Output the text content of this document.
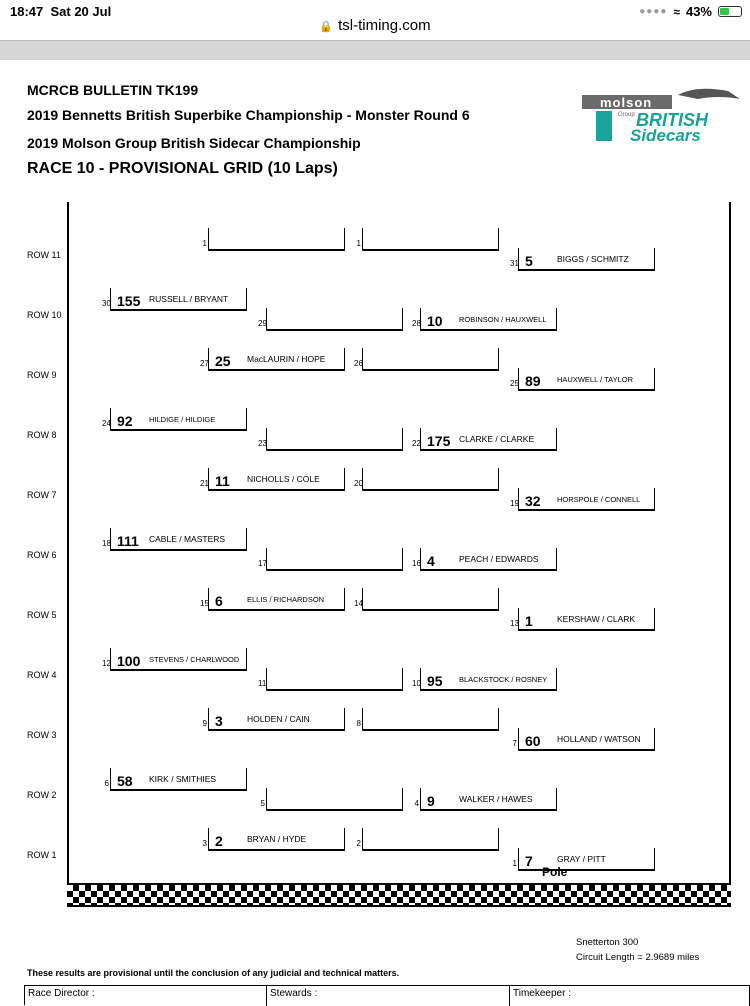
18:47 Sat 20 Jul
🔒 tsl-timing.com
●●●● ≈ 43%
MCRCB BULLETIN TK199
2019 Bennetts British Superbike Championship - Monster Round 6
2019 Molson Group British Sidecar Championship
RACE 10 - PROVISIONAL GRID (10 Laps)
molson
Group BRITISH
Sidecars
ROW 11
1	1
31 5	BIGGS / SCHMITZ
ROW 10
30 155 RUSSELL / BRYANT
29	28 10 ROBINSON / HAUXWELL
ROW 9
27 25 MacLAURIN / HOPE	26
25 89 HAUXWELL / TAYLOR
ROW 8
24 92 HILDIGE / HILDIGE
23	22 175 CLARKE / CLARKE
ROW 7
21 11 NICHOLLS / COLE	20
19 32 HORSPOLE / CONNELL
ROW 6
18 111 CABLE / MASTERS
17	16 4	PEACH / EDWARDS
ROW 5
15 6	ELLIS / RICHARDSON	14
13 1	KERSHAW / CLARK
ROW 4
12 100 STEVENS / CHARLWOOD
11	10 95 BLACKSTOCK / ROSNEY
ROW 3
9 3	HOLDEN / CAIN	8
7 60 HOLLAND / WATSON
ROW 2
6 58 KIRK / SMITHIES
5	4 9	WALKER / HAWES
ROW 1
3 2	BRYAN / HYDE	2
1 7	GRAY / PITT
Pole
Snetterton 300
Circuit Length = 2.9689 miles
These results are provisional until the conclusion of any judicial and technical matters.
Race Director :	Stewards :	Timekeeper :
